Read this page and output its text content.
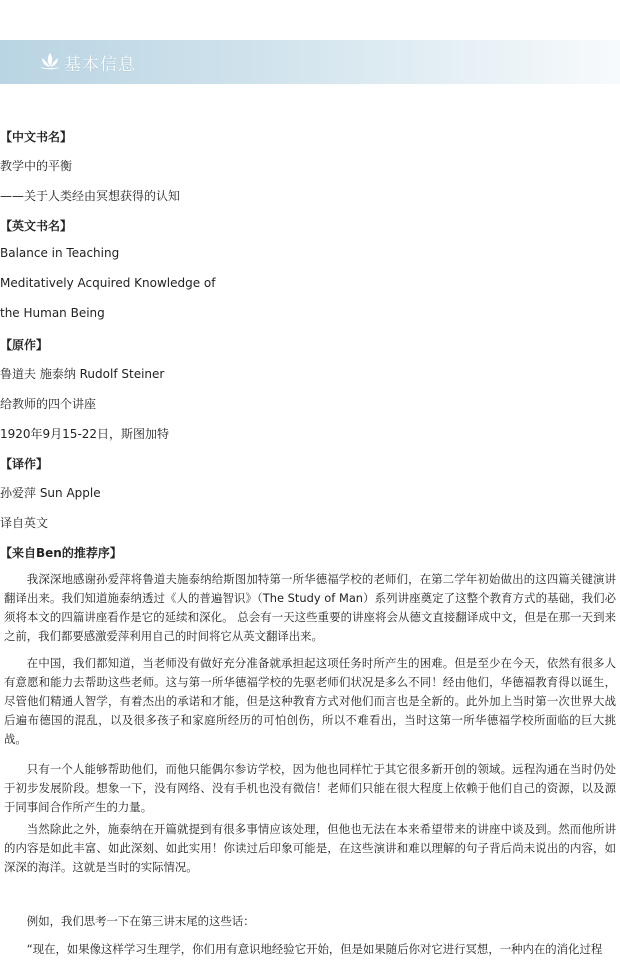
基本信息
【中文书名】
教学中的平衡
——关于人类经由冥想获得的认知
【英文书名】
Balance in Teaching
Meditatively Acquired Knowledge of
the Human Being
【原作】
鲁道夫 施泰纳 Rudolf Steiner
给教师的四个讲座
1920年9月15-22日，斯图加特
【译作】
孙爱萍 Sun Apple
译自英文
【来自Ben的推荐序】
我深深地感谢孙爱萍将鲁道夫施泰纳给斯图加特第一所华德福学校的老师们，在第二学年初始做出的这四篇关键演讲翻译出来。我们知道施泰纳透过《人的普遍智识》（The Study of Man）系列讲座奠定了这整个教育方式的基础，我们必须将本文的四篇讲座看作是它的延续和深化。 总会有一天这些重要的讲座将会从德文直接翻译成中文，但是在那一天到来之前，我们都要感激爱萍利用自己的时间将它从英文翻译出来。
在中国，我们都知道，当老师没有做好充分准备就承担起这项任务时所产生的困难。但是至少在今天，依然有很多人有意愿和能力去帮助这些老师。这与第一所华德福学校的先驱老师们状况是多么不同！经由他们，华德福教育得以诞生，尽管他们精通人智学，有着杰出的承诺和才能，但是这种教育方式对他们而言也是全新的。此外加上当时第一次世界大战后遍布德国的混乱，以及很多孩子和家庭所经历的可怕创伤，所以不难看出，当时这第一所华德福学校所面临的巨大挑战。
只有一个人能够帮助他们，而他只能偶尔参访学校，因为他也同样忙于其它很多新开创的领域。远程沟通在当时仍处于初步发展阶段。想象一下，没有网络、没有手机也没有微信！老师们只能在很大程度上依赖于他们自己的资源，以及源于同事间合作所产生的力量。
当然除此之外，施泰纳在开篇就提到有很多事情应该处理，但他也无法在本来希望带来的讲座中谈及到。然而他所讲的内容是如此丰富、如此深刻、如此实用！你读过后印象可能是，在这些演讲和难以理解的句子背后尚未说出的内容，如深深的海洋。这就是当时的实际情况。
例如，我们思考一下在第三讲末尾的这些话：
“现在，如果像这样学习生理学，你们用有意识地经验它开始，但是如果随后你对它进行冥想，一种内在的消化过程
